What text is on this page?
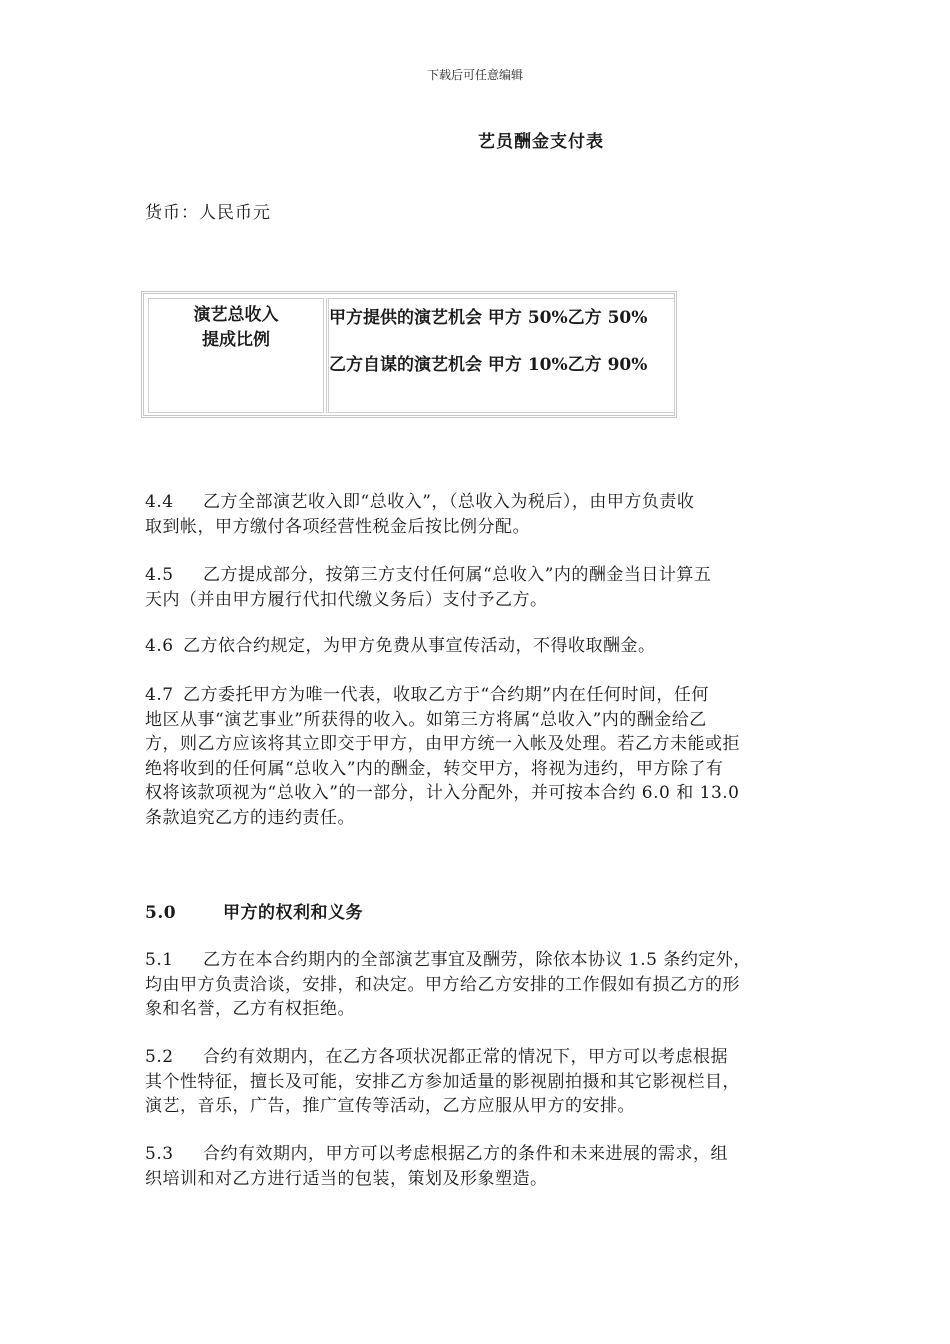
下载后可任意编辑
艺员酬金支付表
货币：人民币元
演艺总收入
提成比例
甲方提供的演艺机会 甲方 50%乙方 50%
乙方自谋的演艺机会 甲方 10%乙方 90%
4.4 乙方全部演艺收入即“总收入”，（总收入为税后），由甲方负责收
取到帐，甲方缴付各项经营性税金后按比例分配。
4.5 乙方提成部分，按第三方支付任何属“总收入”内的酬金当日计算五
天内（并由甲方履行代扣代缴义务后）支付予乙方。
4.6 乙方依合约规定，为甲方免费从事宣传活动，不得收取酬金。
4.7 乙方委托甲方为唯一代表，收取乙方于“合约期”内在任何时间，任何
地区从事“演艺事业”所获得的收入。如第三方将属“总收入”内的酬金给乙
方，则乙方应该将其立即交于甲方，由甲方统一入帐及处理。若乙方未能或拒
绝将收到的任何属“总收入”内的酬金，转交甲方，将视为违约，甲方除了有
权将该款项视为“总收入”的一部分，计入分配外，并可按本合约 6.0 和 13.0
条款追究乙方的违约责任。
5.0	甲方的权利和义务
5.1 乙方在本合约期内的全部演艺事宜及酬劳，除依本协议 1.5 条约定外，
均由甲方负责洽谈，安排，和决定。甲方给乙方安排的工作假如有损乙方的形
象和名誉，乙方有权拒绝。
5.2 合约有效期内，在乙方各项状况都正常的情况下，甲方可以考虑根据
其个性特征，擅长及可能，安排乙方参加适量的影视剧拍摄和其它影视栏目，
演艺，音乐，广告，推广宣传等活动，乙方应服从甲方的安排。
5.3 合约有效期内，甲方可以考虑根据乙方的条件和未来进展的需求，组
织培训和对乙方进行适当的包装，策划及形象塑造。
